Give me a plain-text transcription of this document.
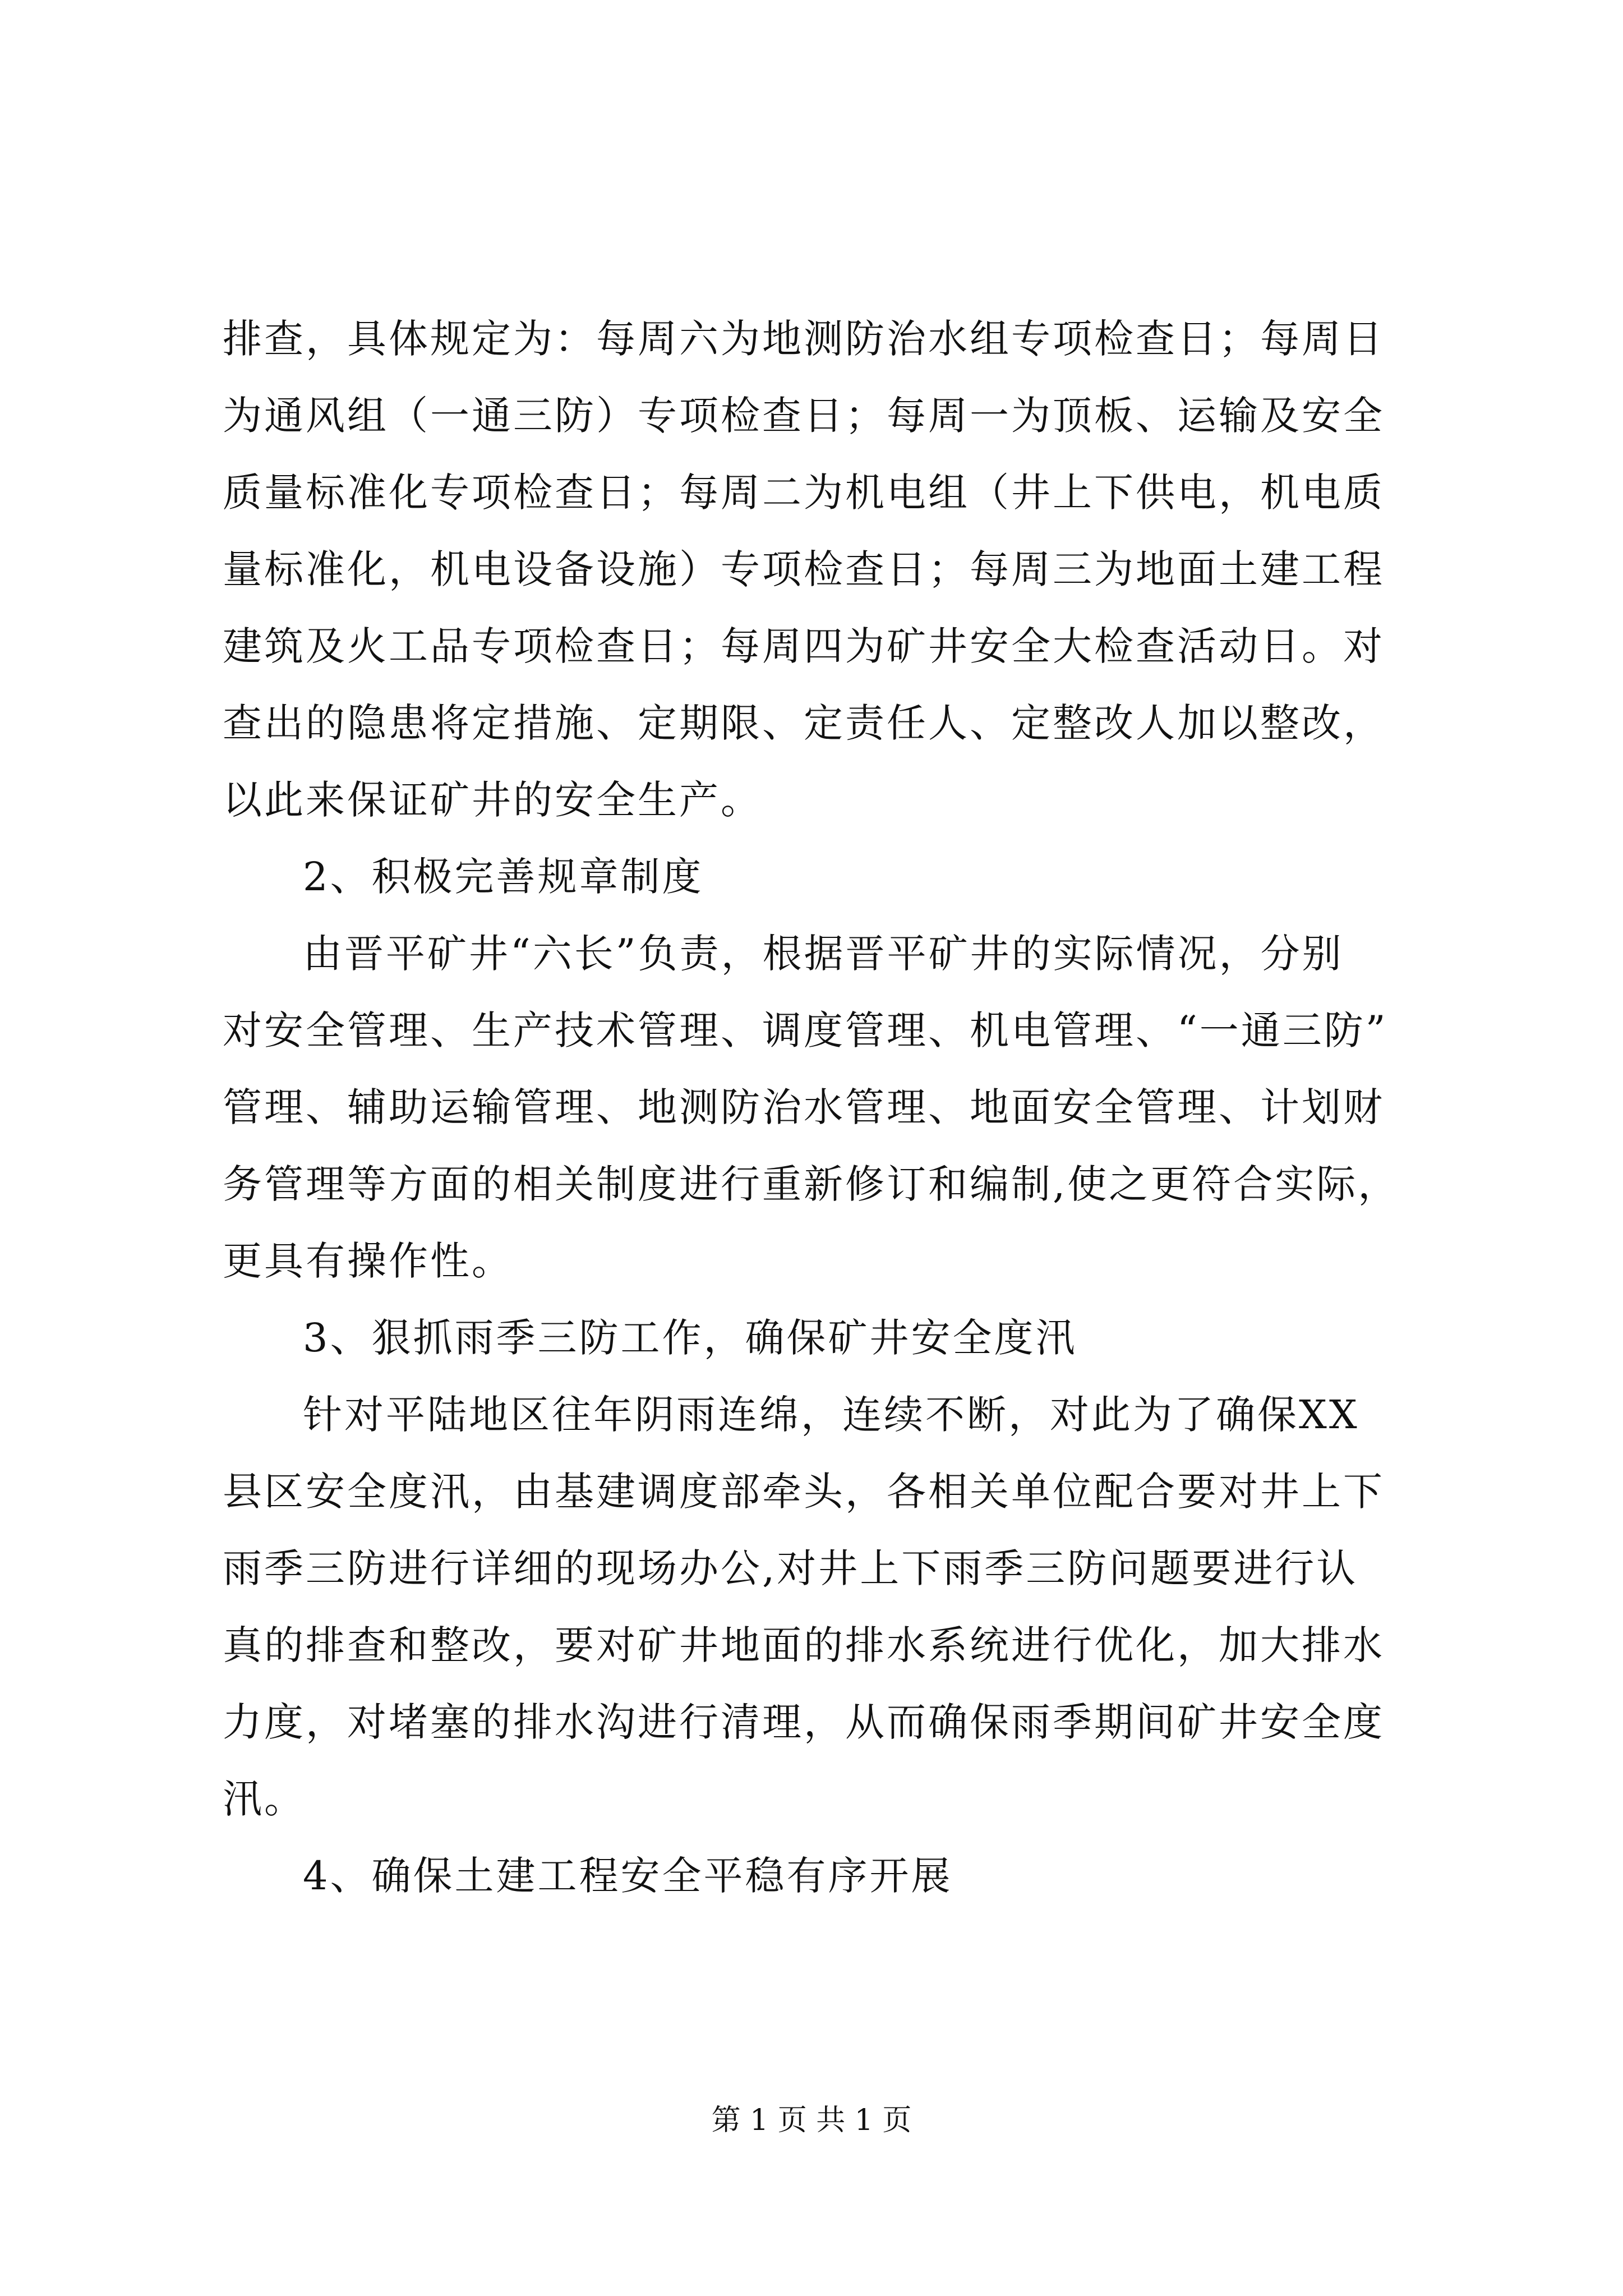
排查，具体规定为：每周六为地测防治水组专项检查日；每周日
为通风组（一通三防）专项检查日；每周一为顶板、运输及安全
质量标准化专项检查日；每周二为机电组（井上下供电，机电质
量标准化，机电设备设施）专项检查日；每周三为地面土建工程
建筑及火工品专项检查日；每周四为矿井安全大检查活动日。对
查出的隐患将定措施、定期限、定责任人、定整改人加以整改，
以此来保证矿井的安全生产。
2、积极完善规章制度
由晋平矿井“六长”负责，根据晋平矿井的实际情况，分别
对安全管理、生产技术管理、调度管理、机电管理、“一通三防”
管理、辅助运输管理、地测防治水管理、地面安全管理、计划财
务管理等方面的相关制度进行重新修订和编制,使之更符合实际，
更具有操作性。
3、狠抓雨季三防工作，确保矿井安全度汛
针对平陆地区往年阴雨连绵，连续不断，对此为了确保XX
县区安全度汛，由基建调度部牵头，各相关单位配合要对井上下
雨季三防进行详细的现场办公,对井上下雨季三防问题要进行认
真的排查和整改，要对矿井地面的排水系统进行优化，加大排水
力度，对堵塞的排水沟进行清理，从而确保雨季期间矿井安全度
汛。
4、确保土建工程安全平稳有序开展
第 1 页 共 1 页
